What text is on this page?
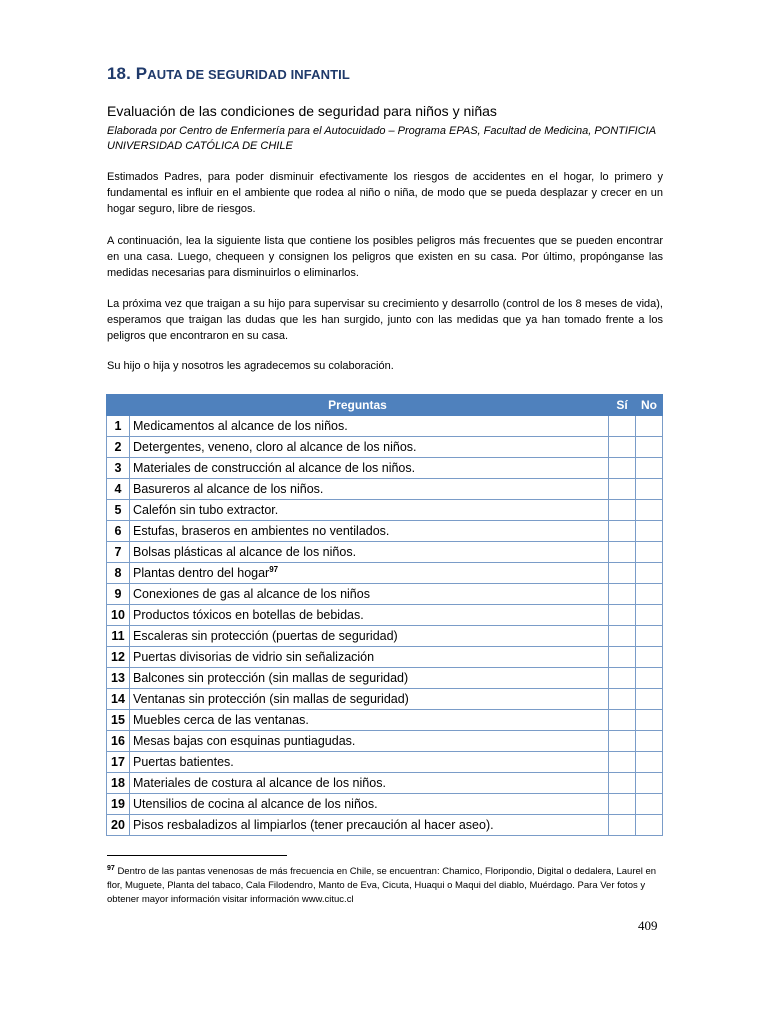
18. PAUTA DE SEGURIDAD INFANTIL
Evaluación de las condiciones de seguridad para niños y niñas
Elaborada por Centro de Enfermería para el Autocuidado – Programa EPAS, Facultad de Medicina, PONTIFICIA UNIVERSIDAD CATÓLICA DE CHILE
Estimados Padres, para poder disminuir efectivamente los riesgos de accidentes en el hogar, lo primero y fundamental es influir en el ambiente que rodea al niño o niña, de modo que se pueda desplazar y crecer en un hogar seguro, libre de riesgos.
A continuación, lea la siguiente lista que contiene los posibles peligros más frecuentes que se pueden encontrar en una casa. Luego, chequeen y consignen los peligros que existen en su casa. Por último, propónganse las medidas necesarias para disminuirlos o eliminarlos.
La próxima vez que traigan a su hijo para supervisar su crecimiento y desarrollo (control de los 8 meses de vida), esperamos que traigan las dudas que les han surgido, junto con las medidas que ya han tomado frente a los peligros que encontraron en su casa.
Su hijo o hija y nosotros les agradecemos su colaboración.
Preguntas		Sí	No
1	Medicamentos al alcance de los niños.		
2	Detergentes, veneno, cloro al alcance de los niños.		
3	Materiales de construcción al alcance de los niños.		
4	Basureros al alcance de los niños.		
5	Calefón sin tubo extractor.		
6	Estufas, braseros en ambientes no ventilados.		
7	Bolsas plásticas al alcance de los niños.		
8	Plantas dentro del hogar$^{97}$		
9	Conexiones de gas al alcance de los niños		
10	Productos tóxicos en botellas de bebidas.		
11	Escaleras sin protección (puertas de seguridad)		
12	Puertas divisorias de vidrio sin señalización		
13	Balcones sin protección (sin mallas de seguridad)		
14	Ventanas sin protección (sin mallas de seguridad)		
15	Muebles cerca de las ventanas.		
16	Mesas bajas con esquinas puntiagudas.		
17	Puertas batientes.		
18	Materiales de costura al alcance de los niños.		
19	Utensilios de cocina al alcance de los niños.		
20	Pisos resbaladizos al limpiarlos (tener precaución al hacer aseo).		
$^{97}$ Dentro de las pantas venenosas de más frecuencia en Chile, se encuentran: Chamico, Floripondio, Digital o dedalera, Laurel en flor, Muguete, Planta del tabaco, Cala Filodendro, Manto de Eva, Cicuta, Huaqui o Maqui del diablo, Muérdago. Para Ver fotos y obtener mayor información visitar información www.cituc.cl
409
